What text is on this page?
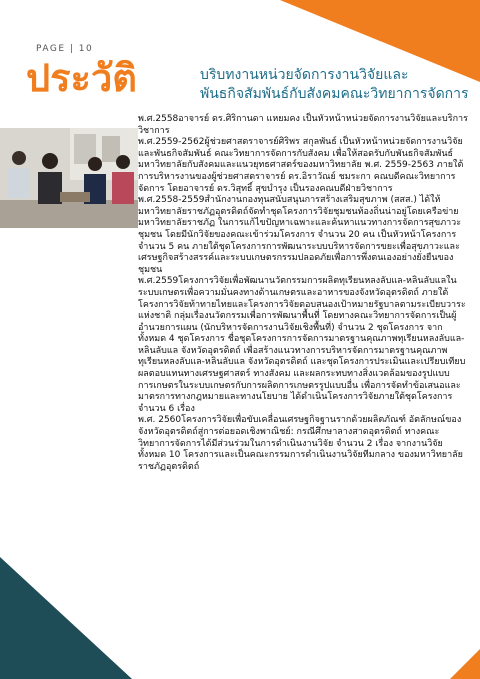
PAGE | 10
ประวัติ	บริบทงานหน่วยจัดการงานวิจัยและ
พันธกิจสัมพันธ์กับสังคมคณะวิทยาการจัดการ

พ.ศ.2558อาจารย์ ดร.ศิริกานดา แหยมคง เป็นหัวหน้าหน่วยจัดการงานวิจัยและบริการวิชาการ

พ.ศ.2559-2562ผู้ช่วยศาสตราจารย์ศิริพร สกุลพันธ์ เป็นหัวหน้าหน่วยจัดการงานวิจัยและพันธกิจสัมพันธ์ คณะวิทยาการจัดการกับสังคม เพื่อให้สอดรับกับพันธกิจสัมพันธ์มหาวิทยาลัยกับสังคมและแนวยุทธศาสตร์ของมหาวิทยาลัย พ.ศ. 2559-2563 ภายใต้การบริหารงานของผู้ช่วยศาสตราจารย์ ดร.อิราวัณย์ ชมระกา คณบดีคณะวิทยาการจัดการ โดยอาจารย์ ดร.วิสุทธิ์ สุขบำรุง เป็นรองคณบดีฝ่ายวิชาการ

พ.ศ.2558-2559สำนักงานกองทุนสนับสนุนการสร้างเสริมสุขภาพ (สสส.) ได้ให้มหาวิทยาลัยราชภัฏอุตรดิตถ์จัดทำชุดโครงการวิจัยชุมชนท้องถิ่นน่าอยู่โดยเครือข่ายมหาวิทยาลัยราชภัฏ ในการแก้ไขปัญหาเฉพาะและค้นหาแนวทางการจัดการสุขภาวะชุมชน โดยมีนักวิจัยของคณะเข้าร่วมโครงการ จำนวน 20 คน เป็นหัวหน้าโครงการจำนวน 5 คน ภายใต้ชุดโครงการการพัฒนาระบบบริหารจัดการขยะเพื่อสุขภาวะและเศรษฐกิจสร้างสรรค์และระบบเกษตรกรรมปลอดภัยเพื่อการพึ่งตนเองอย่างยั่งยืนของชุมชน

พ.ศ.2559โครงการวิจัยเพื่อพัฒนานวัตกรรมการผลิตทุเรียนหลงลับแล-หลินลับแลในระบบเกษตรเพื่อความมั่นคงทางด้านเกษตรและอาหารของจังหวัดอุตรดิตถ์ ภายใต้โครงการวิจัยท้าทายไทยและโครงการวิจัยตอบสนองเป้าหมายรัฐบาลตามระเบียบวาระแห่งชาติ กลุ่มเรื่องนวัตกรรมเพื่อการพัฒนาพื้นที่ โดยทางคณะวิทยาการจัดการเป็นผู้อำนวยการแผน (นักบริหารจัดการงานวิจัยเชิงพื้นที่) จำนวน 2 ชุดโครงการ จากทั้งหมด 4 ชุดโครงการ ชื่อชุดโครงการการจัดการมาตรฐานคุณภาพทุเรียนหลงลับแล-หลินลับแล จังหวัดอุตรดิตถ์ เพื่อสร้างแนวทางการบริหารจัดการมาตรฐานคุณภาพทุเรียนหลงลับแล-หลินลับแล จังหวัดอุตรดิตถ์ และชุดโครงการประเมินและเปรียบเทียบผลตอบแทนทางเศรษฐศาสตร์ ทางสังคม และผลกระทบทางสิ่งแวดล้อมของรูปแบบการเกษตรในระบบเกษตรกับการผลิตการเกษตรรูปแบบอื่น เพื่อการจัดทำข้อเสนอและมาตรการทางกฎหมายและทางนโยบาย ได้ดำเนินโครงการวิจัยภายใต้ชุดโครงการ จำนวน 6 เรื่อง

พ.ศ. 2560โครงการวิจัยเพื่อขับเคลื่อนเศรษฐกิจฐานรากด้วยผลิตภัณฑ์ อัตลักษณ์ของจังหวัดอุตรดิตถ์สู่การต่อยอดเชิงพาณิชย์: กรณีศึกษาลางสาดอุตรดิตถ์ ทางคณะวิทยาการจัดการได้มีส่วนร่วมในการดำเนินงานวิจัย จำนวน 2 เรื่อง จากงานวิจัยทั้งหมด 10 โครงการและเป็นคณะกรรมการดำเนินงานวิจัยทีมกลาง ของมหาวิทยาลัยราชภัฏอุตรดิตถ์
